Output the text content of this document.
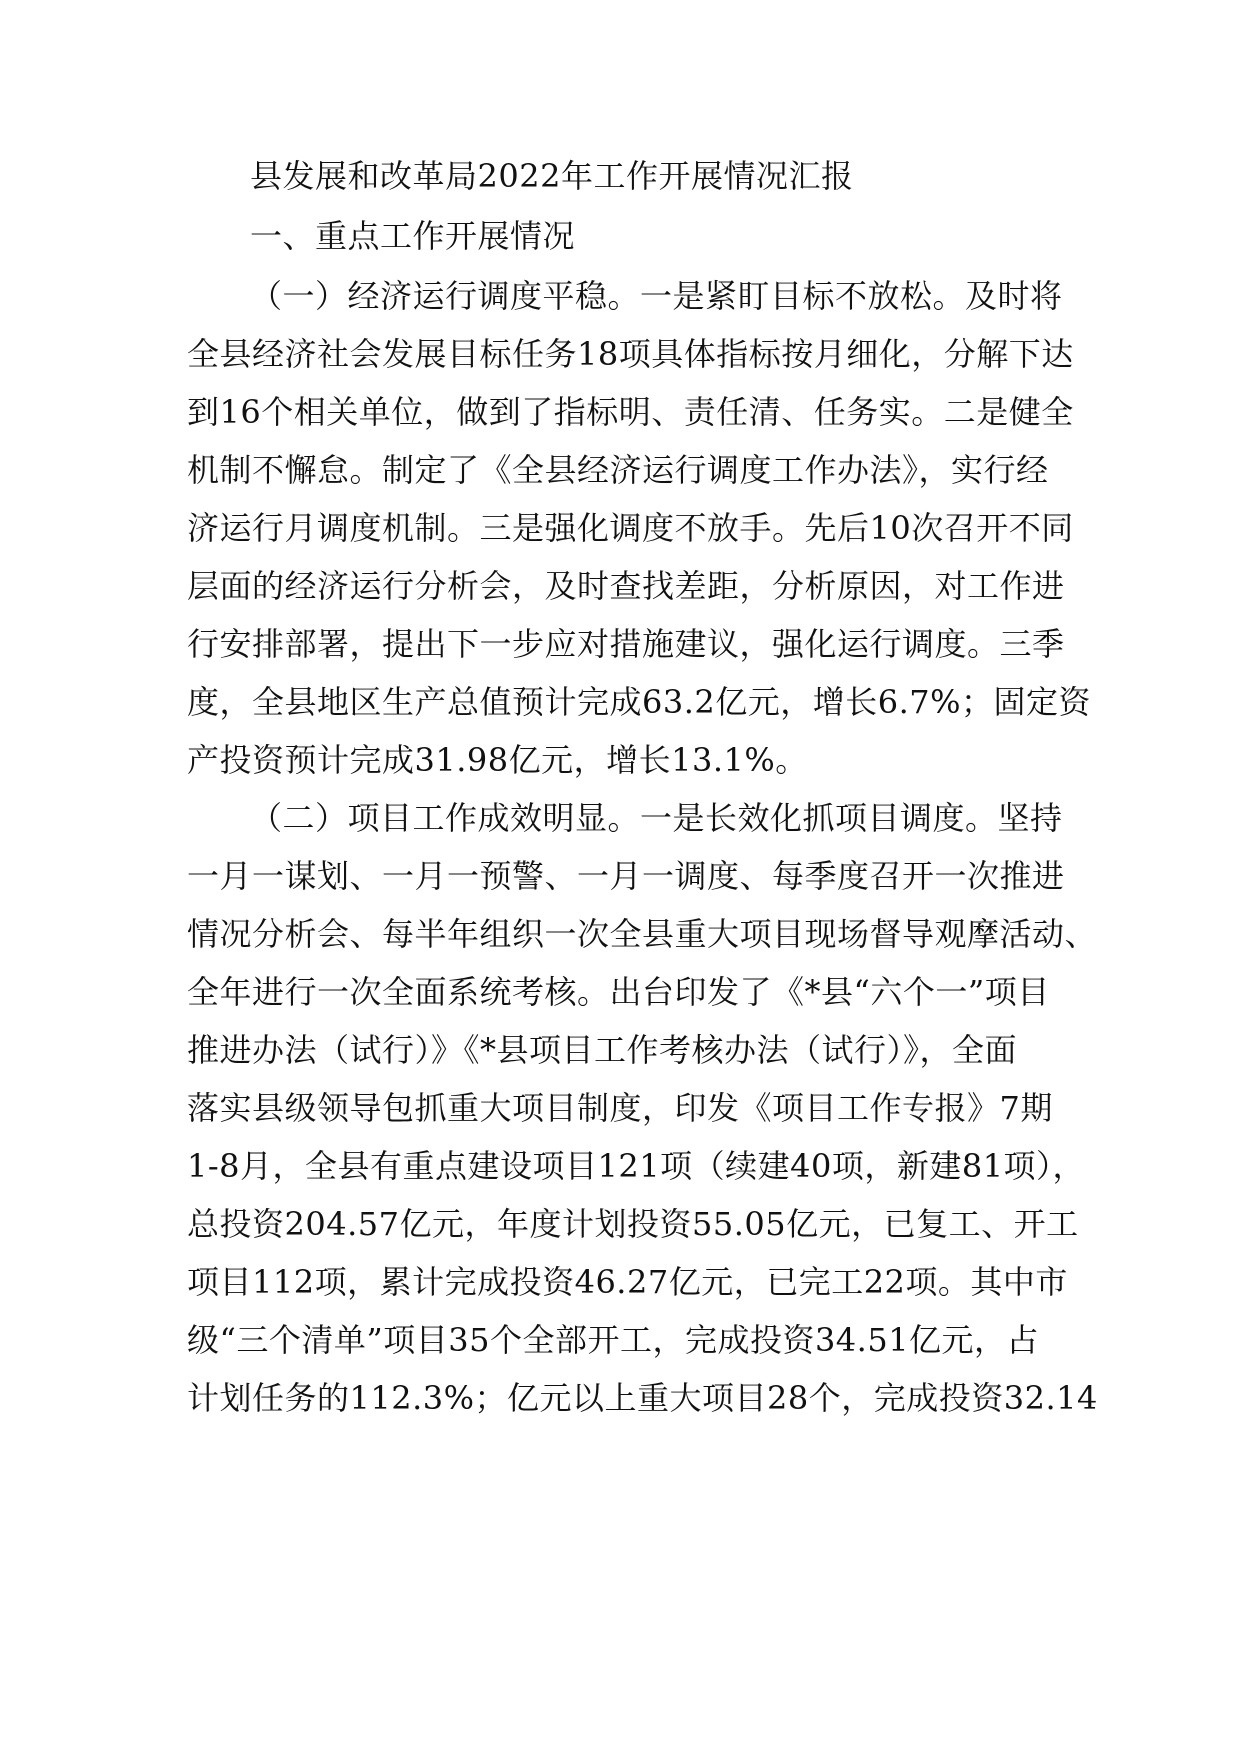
县发展和改革局2022年工作开展情况汇报
一、重点工作开展情况
（一）经济运行调度平稳。一是紧盯目标不放松。及时将
全县经济社会发展目标任务18项具体指标按月细化，分解下达
到16个相关单位，做到了指标明、责任清、任务实。二是健全
机制不懈怠。制定了《全县经济运行调度工作办法》，实行经
济运行月调度机制。三是强化调度不放手。先后10次召开不同
层面的经济运行分析会，及时查找差距，分析原因，对工作进
行安排部署，提出下一步应对措施建议，强化运行调度。三季
度，全县地区生产总值预计完成63.2亿元，增长6.7%；固定资
产投资预计完成31.98亿元，增长13.1%。
（二）项目工作成效明显。一是长效化抓项目调度。坚持
一月一谋划、一月一预警、一月一调度、每季度召开一次推进
情况分析会、每半年组织一次全县重大项目现场督导观摩活动、
全年进行一次全面系统考核。出台印发了《*县“六个一”项目
推进办法（试行）》《*县项目工作考核办法（试行）》，全面
落实县级领导包抓重大项目制度，印发《项目工作专报》7期
1-8月，全县有重点建设项目121项（续建40项，新建81项），
总投资204.57亿元，年度计划投资55.05亿元，已复工、开工
项目112项，累计完成投资46.27亿元，已完工22项。其中市
级“三个清单”项目35个全部开工，完成投资34.51亿元，占
计划任务的112.3%；亿元以上重大项目28个，完成投资32.14
